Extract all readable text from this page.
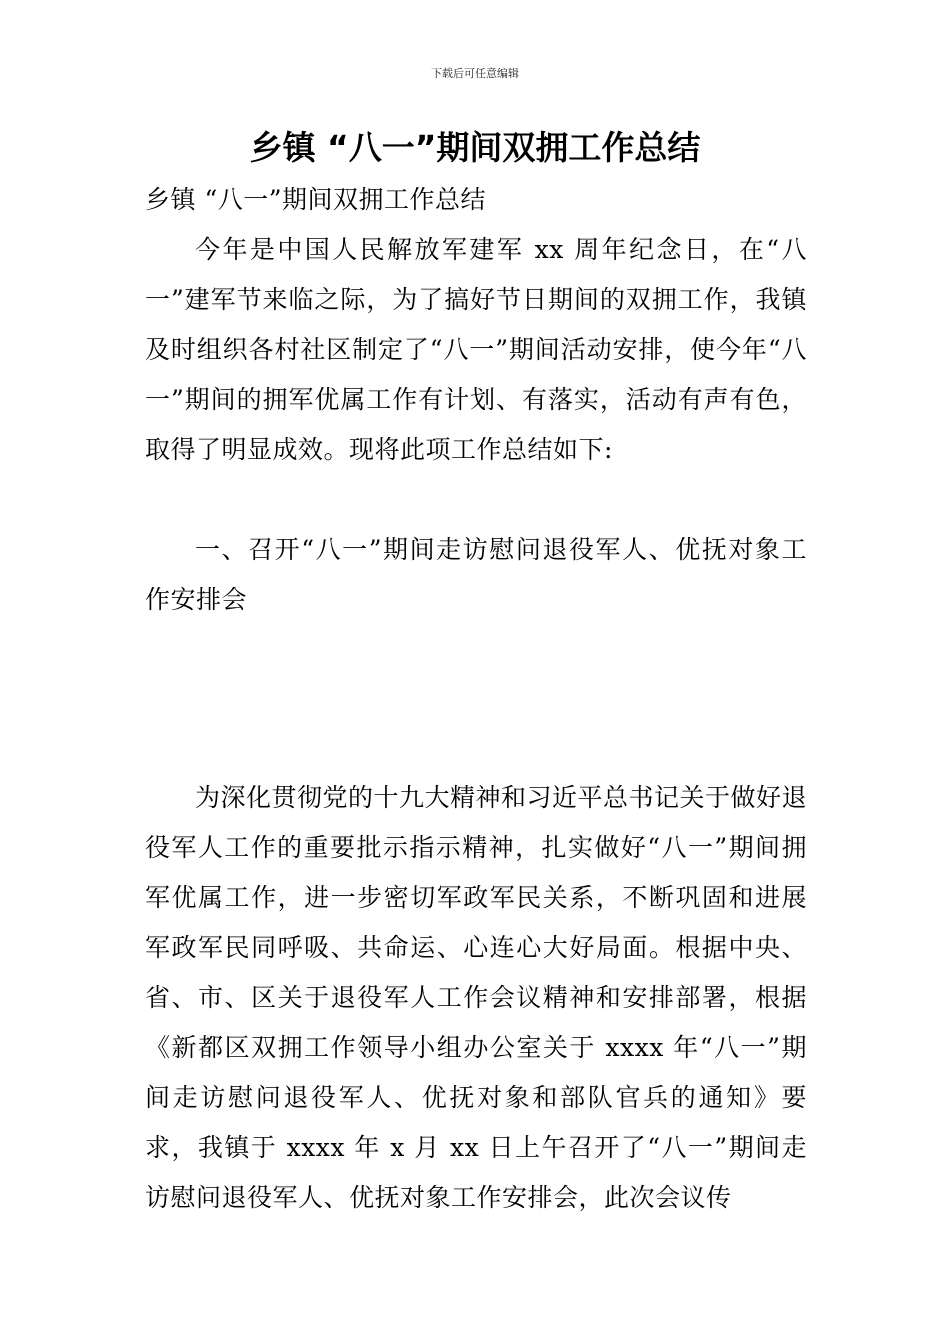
下载后可任意编辑
乡镇 “八一”期间双拥工作总结
乡镇 “八一”期间双拥工作总结
今年是中国人民解放军建军 xx 周年纪念日，在“八一”建军节来临之际，为了搞好节日期间的双拥工作，我镇及时组织各村社区制定了“八一”期间活动安排，使今年“八一”期间的拥军优属工作有计划、有落实，活动有声有色，取得了明显成效。现将此项工作总结如下:
一、召开“八一”期间走访慰问退役军人、优抚对象工作安排会
为深化贯彻党的十九大精神和习近平总书记关于做好退役军人工作的重要批示指示精神，扎实做好“八一”期间拥军优属工作，进一步密切军政军民关系，不断巩固和进展军政军民同呼吸、共命运、心连心大好局面。根据中央、省、市、区关于退役军人工作会议精神和安排部署，根据《新都区双拥工作领导小组办公室关于 xxxx 年“八一”期间走访慰问退役军人、优抚对象和部队官兵的通知》要求，我镇于 xxxx 年 x 月 xx 日上午召开了“八一”期间走访慰问退役军人、优抚对象工作安排会，此次会议传
